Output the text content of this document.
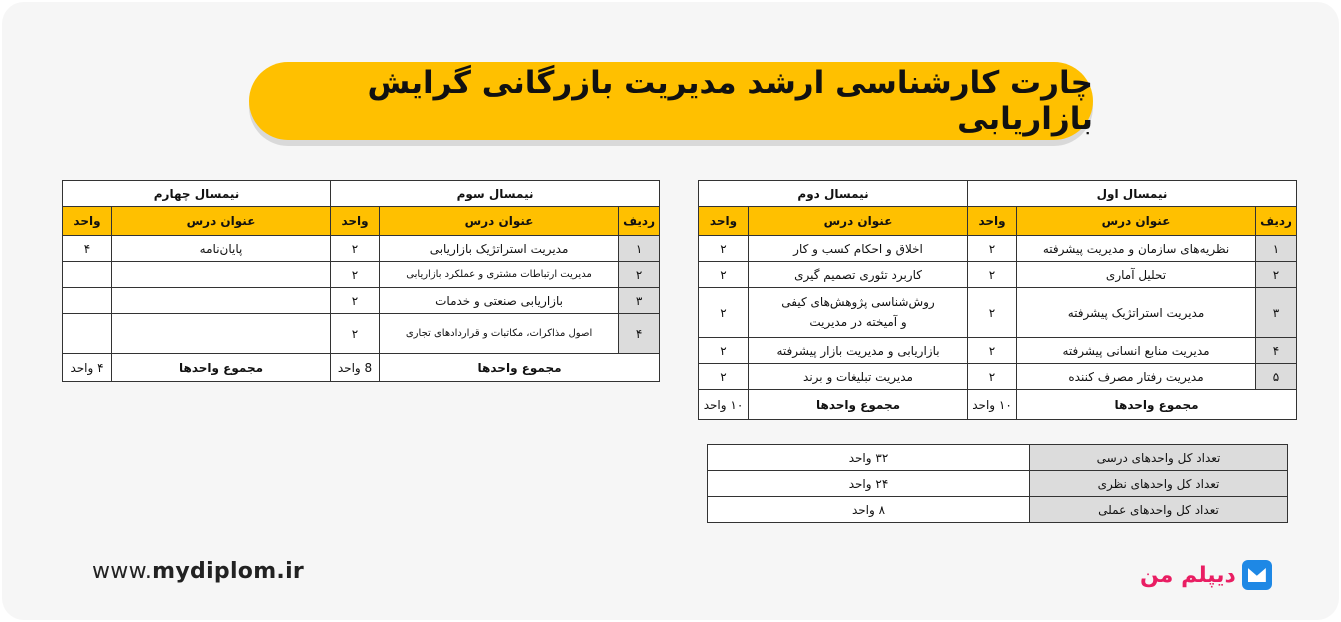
چارت کارشناسی ارشد مدیریت بازرگانی گرایش بازاریابی
نیمسال اول			نیمسال دوم	
ردیف	عنوان درس	واحد	عنوان درس	واحد
۱	نظریه‌های سازمان و مدیریت پیشرفته	۲	اخلاق و احکام کسب و کار	۲
۲	تحلیل آماری	۲	کاربرد تئوری تصمیم گیری	۲
۳	مدیریت استراتژیک پیشرفته	۲	روش‌شناسی پژوهش‌های کیفی
و آمیخته در مدیریت	۲
۴	مدیریت منابع انسانی پیشرفته	۲	بازاریابی و مدیریت بازار پیشرفته	۲
۵	مدیریت رفتار مصرف کننده	۲	مدیریت تبلیغات و برند	۲
مجموع واحدها		۱۰ واحد	مجموع واحدها	۱۰ واحد
نیمسال سوم			نیمسال چهارم	
ردیف	عنوان درس	واحد	عنوان درس	واحد
۱	مدیریت استراتژیک بازاریابی	۲	پایان‌نامه	۴
۲	مدیریت ارتباطات مشتری و عملکرد بازاریابی	۲		
۳	بازاریابی صنعتی و خدمات	۲		
۴	اصول مذاکرات، مکاتبات و قراردادهای تجاری	۲		
مجموع واحدها		8 واحد	مجموع واحدها	۴ واحد
تعداد کل واحدهای درسی	۳۲ واحد
تعداد کل واحدهای نظری	۲۴ واحد
تعداد کل واحدهای عملی	۸ واحد
www.mydiplom.ir	دیپلم من
